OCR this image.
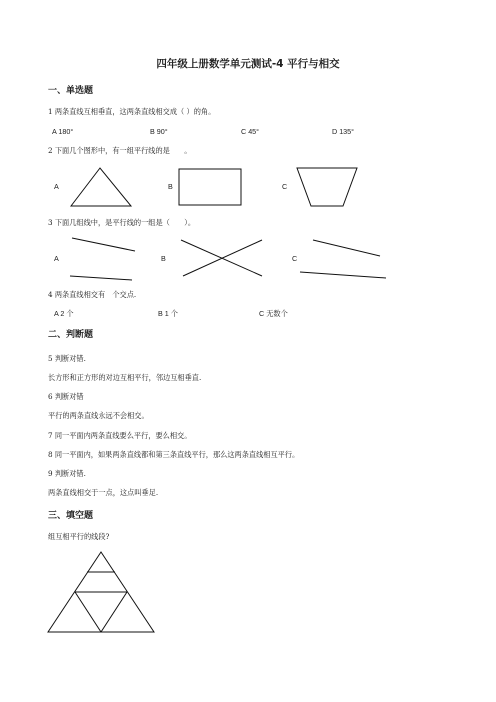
四年级上册数学单元测试-4 平行与相交
一、单选题
1 两条直线互相垂直，这两条直线相交成（ ）的角。
A 180°	B 90°	C 45°	D 135°
2 下面几个图形中，有一组平行线的是　　。
A	B	C
3 下面几组线中，是平行线的一组是（　　）。
A	B	C
4 两条直线相交有　个交点.
A 2 个	B 1 个	C 无数个
二、判断题
5 判断对错.
长方形和正方形的对边互相平行，邻边互相垂直.
6 判断对错
平行的两条直线永远不会相交。
7 同一平面内两条直线要么平行，要么相交。
8 同一平面内，如果两条直线都和第三条直线平行，那么这两条直线相互平行。
9 判断对错.
两条直线相交于一点，这点叫垂足.
三、填空题
组互相平行的线段?
